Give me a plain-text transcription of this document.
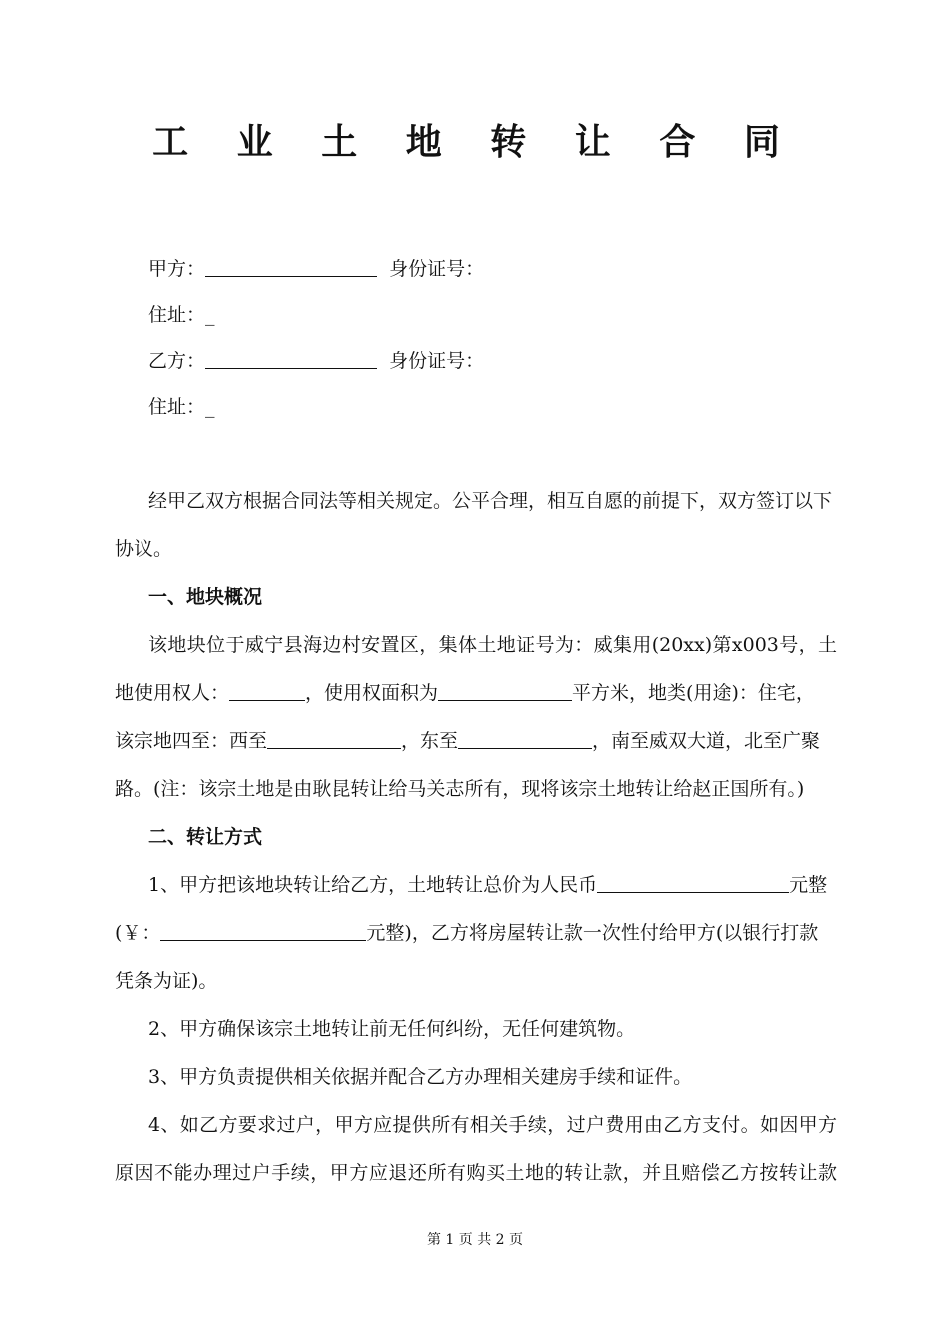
工 业 土 地 转 让 合 同
甲方：	身份证号：
住址：_
乙方：	身份证号：
住址：_
经甲乙双方根据合同法等相关规定。公平合理，相互自愿的前提下，双方签订以下
协议。
一、地块概况
该地块位于威宁县海边村安置区，集体土地证号为：威集用(20xx)第x003号，土
地使用权人：	，使用权面积为	平方米，地类(用途)：住宅，
该宗地四至：西至	，东至	，南至威双大道，北至广聚
路。(注：该宗土地是由耿昆转让给马关志所有，现将该宗土地转让给赵正国所有。)
二、转让方式
1、甲方把该地块转让给乙方，土地转让总价为人民币	元整
(￥：	元整)，乙方将房屋转让款一次性付给甲方(以银行打款
凭条为证)。
2、甲方确保该宗土地转让前无任何纠纷，无任何建筑物。
3、甲方负责提供相关依据并配合乙方办理相关建房手续和证件。
4、如乙方要求过户，甲方应提供所有相关手续，过户费用由乙方支付。如因甲方
原因不能办理过户手续，甲方应退还所有购买土地的转让款，并且赔偿乙方按转让款
第 1 页 共 2 页
